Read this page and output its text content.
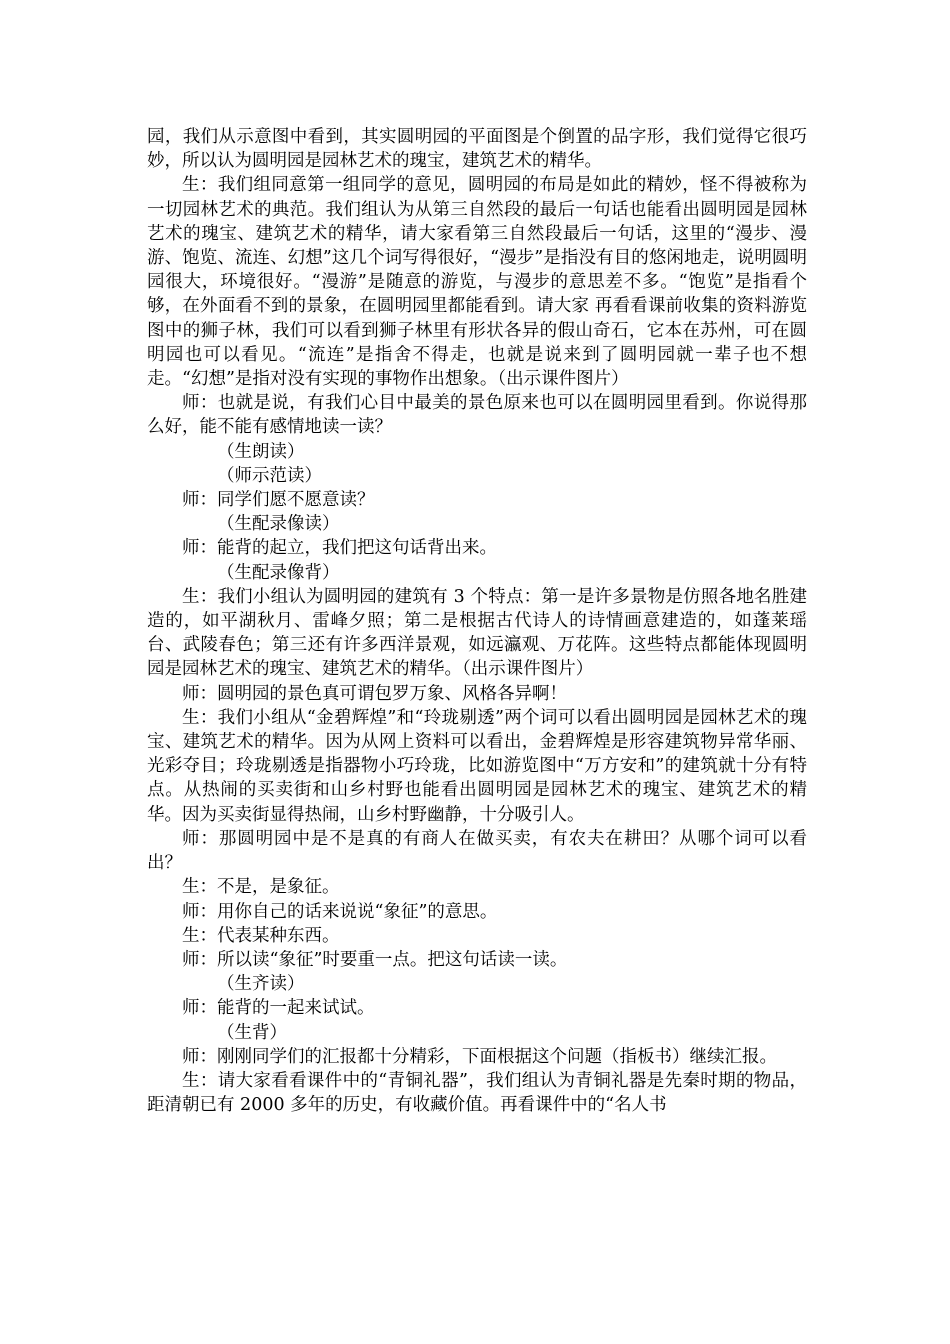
园，我们从示意图中看到，其实圆明园的平面图是个倒置的品字形，我们觉得它很巧妙，所以认为圆明园是园林艺术的瑰宝，建筑艺术的精华。

生：我们组同意第一组同学的意见，圆明园的布局是如此的精妙，怪不得被称为一切园林艺术的典范。我们组认为从第三自然段的最后一句话也能看出圆明园是园林艺术的瑰宝、建筑艺术的精华，请大家看第三自然段最后一句话，这里的“漫步、漫游、饱览、流连、幻想”这几个词写得很好，“漫步”是指没有目的悠闲地走，说明圆明园很大，环境很好。“漫游”是随意的游览，与漫步的意思差不多。“饱览”是指看个够，在外面看不到的景象，在圆明园里都能看到。请大家 再看看课前收集的资料游览图中的狮子林，我们可以看到狮子林里有形状各异的假山奇石，它本在苏州，可在圆明园也可以看见。“流连”是指舍不得走，也就是说来到了圆明园就一辈子也不想走。“幻想”是指对没有实现的事物作出想象。（出示课件图片）

师：也就是说，有我们心目中最美的景色原来也可以在圆明园里看到。你说得那么好，能不能有感情地读一读？

（生朗读）

（师示范读）

师：同学们愿不愿意读？

（生配录像读）

师：能背的起立，我们把这句话背出来。

（生配录像背）

生：我们小组认为圆明园的建筑有 3 个特点：第一是许多景物是仿照各地名胜建造的，如平湖秋月、雷峰夕照；第二是根据古代诗人的诗情画意建造的，如蓬莱瑶台、武陵春色；第三还有许多西洋景观，如远瀛观、万花阵。这些特点都能体现圆明园是园林艺术的瑰宝、建筑艺术的精华。（出示课件图片）

师：圆明园的景色真可谓包罗万象、风格各异啊！

生：我们小组从“金碧辉煌”和“玲珑剔透”两个词可以看出圆明园是园林艺术的瑰宝、建筑艺术的精华。因为从网上资料可以看出，金碧辉煌是形容建筑物异常华丽、光彩夺目；玲珑剔透是指器物小巧玲珑，比如游览图中“万方安和”的建筑就十分有特点。从热闹的买卖街和山乡村野也能看出圆明园是园林艺术的瑰宝、建筑艺术的精华。因为买卖街显得热闹，山乡村野幽静，十分吸引人。

师：那圆明园中是不是真的有商人在做买卖，有农夫在耕田？从哪个词可以看出？

生：不是，是象征。

师：用你自己的话来说说“象征”的意思。

生：代表某种东西。

师：所以读“象征”时要重一点。把这句话读一读。

（生齐读）

师：能背的一起来试试。

（生背）

师：刚刚同学们的汇报都十分精彩，下面根据这个问题（指板书）继续汇报。

生：请大家看看课件中的“青铜礼器”，我们组认为青铜礼器是先秦时期的物品，距清朝已有 2000 多年的历史，有收藏价值。再看课件中的“名人书
